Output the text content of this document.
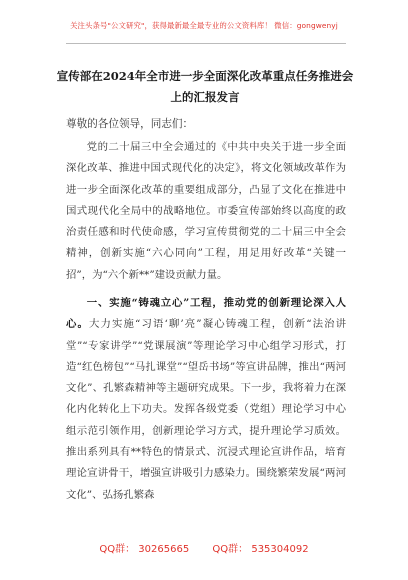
关注头条号"公文研究"，获得最新最全最专业的公文资料库！ 微信：gongwenyj
宣传部在2024年全市进一步全面深化改革重点任务推进会
上的汇报发言
尊敬的各位领导，同志们：
党的二十届三中全会通过的《中共中央关于进一步全面深化改革、推进中国式现代化的决定》，将文化领域改革作为进一步全面深化改革的重要组成部分，凸显了文化在推进中国式现代化全局中的战略地位。市委宣传部始终以高度的政治责任感和时代使命感，学习宣传贯彻党的二十届三中全会精神，创新实施“六心同向”工程，用足用好改革“关键一招”，为“六个新**”建设贡献力量。
一、实施“铸魂立心”工程，推动党的创新理论深入人心。大力实施“习语‘聊’亮”凝心铸魂工程，创新“法治讲堂”“专家讲学”“党课展演”等理论学习中心组学习形式，打造“红色榜包”“马扎课堂”“望岳书场”等宣讲品牌，推出“两河文化”、孔繁森精神等主题研究成果。下一步，我将着力在深化内化转化上下功夫。发挥各级党委（党组）理论学习中心组示范引领作用，创新理论学习方式，提升理论学习质效。推出系列具有**特色的情景式、沉浸式理论宣讲作品，培育理论宣讲骨干，增强宣讲吸引力感染力。围绕繁荣发展“两河文化”、弘扬孔繁森
QQ群： 30265665 QQ群： 535304092
